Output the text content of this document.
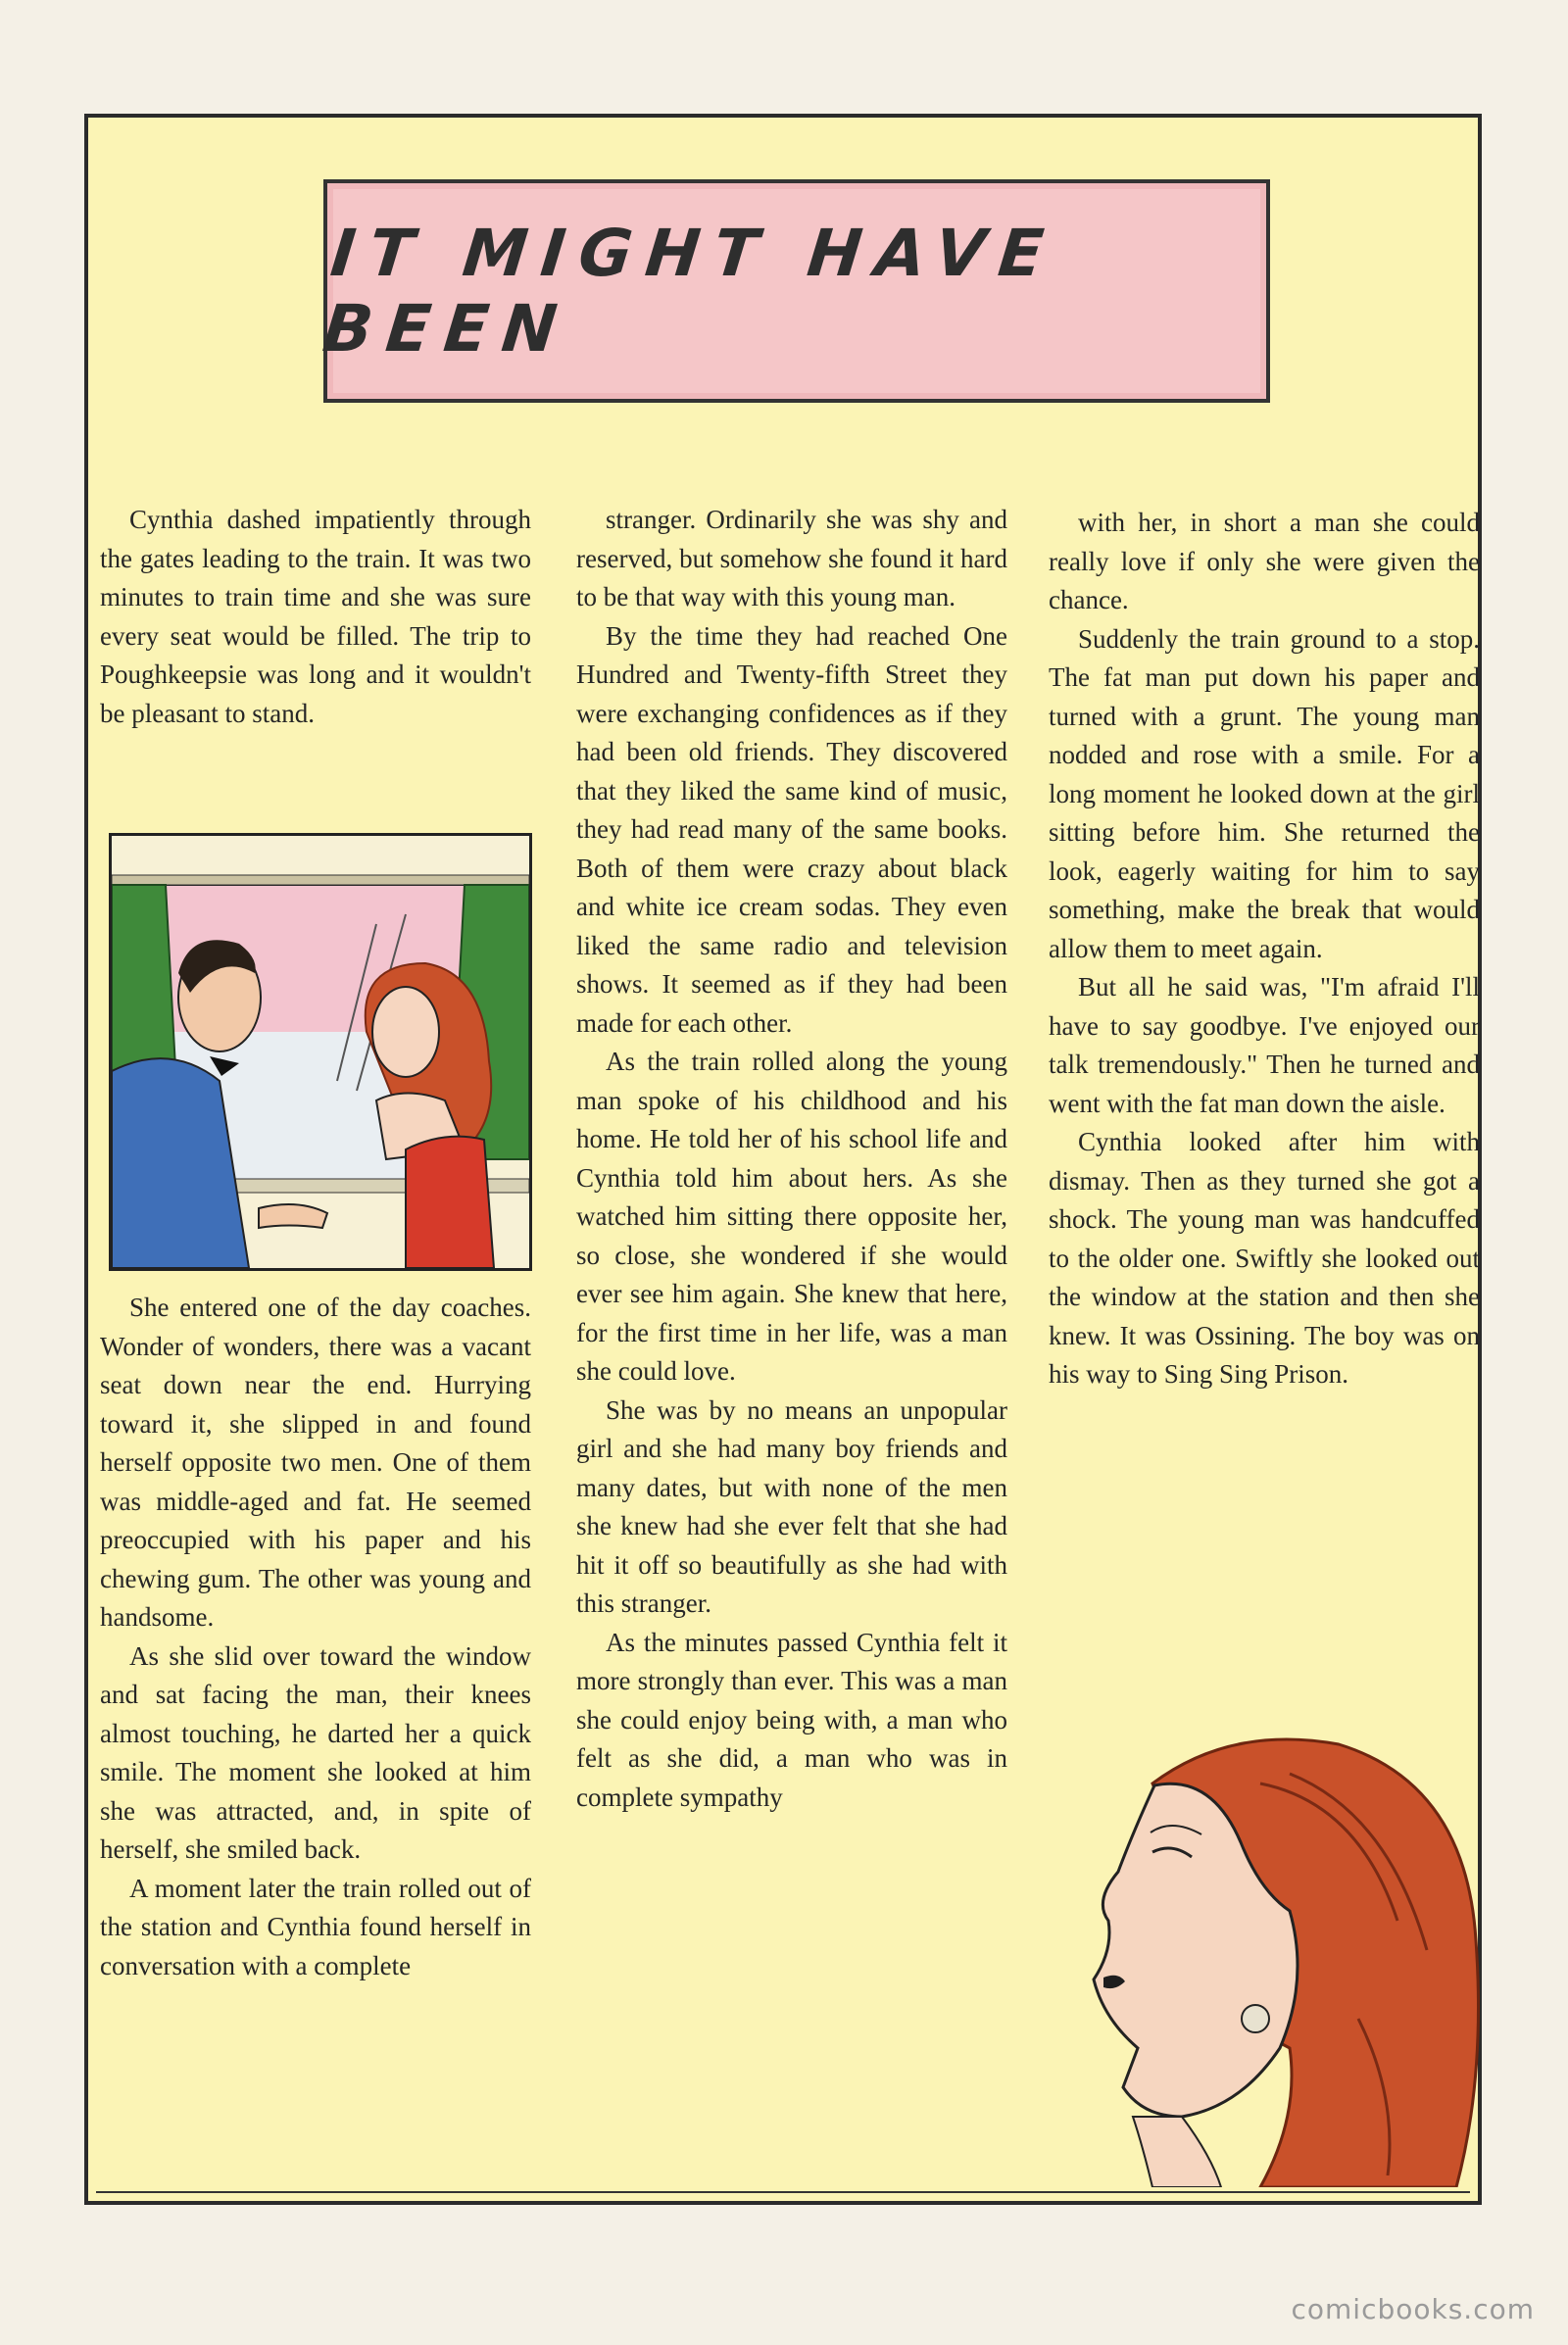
IT MIGHT HAVE BEEN

Cynthia dashed impatiently through the gates leading to the train. It was two minutes to train time and she was sure every seat would be filled. The trip to Poughkeepsie was long and it wouldn't be pleasant to stand.

She entered one of the day coaches. Wonder of wonders, there was a vacant seat down near the end. Hurrying toward it, she slipped in and found herself opposite two men. One of them was middle-aged and fat. He seemed preoccupied with his paper and his chewing gum. The other was young and handsome.

As she slid over toward the window and sat facing the man, their knees almost touching, he darted her a quick smile. The moment she looked at him she was attracted, and, in spite of herself, she smiled back.

A moment later the train rolled out of the station and Cynthia found herself in conversation with a complete

stranger. Ordinarily she was shy and reserved, but somehow she found it hard to be that way with this young man.

By the time they had reached One Hundred and Twenty-fifth Street they were exchanging confidences as if they had been old friends. They discovered that they liked the same kind of music, they had read many of the same books. Both of them were crazy about black and white ice cream sodas. They even liked the same radio and television shows. It seemed as if they had been made for each other.

As the train rolled along the young man spoke of his childhood and his home. He told her of his school life and Cynthia told him about hers. As she watched him sitting there opposite her, so close, she wondered if she would ever see him again. She knew that here, for the first time in her life, was a man she could love.

She was by no means an unpopular girl and she had many boy friends and many dates, but with none of the men she knew had she ever felt that she had hit it off so beautifully as she had with this stranger.

As the minutes passed Cynthia felt it more strongly than ever. This was a man she could enjoy being with, a man who felt as she did, a man who was in complete sympathy

with her, in short a man she could really love if only she were given the chance.

Suddenly the train ground to a stop. The fat man put down his paper and turned with a grunt. The young man nodded and rose with a smile. For a long moment he looked down at the girl sitting before him. She returned the look, eagerly waiting for him to say something, make the break that would allow them to meet again.

But all he said was, "I'm afraid I'll have to say goodbye. I've enjoyed our talk tremendously." Then he turned and went with the fat man down the aisle.

Cynthia looked after him with dismay. Then as they turned she got a shock. The young man was handcuffed to the older one. Swiftly she looked out the window at the station and then she knew. It was Ossining. The boy was on his way to Sing Sing Prison.

comicbooks.com
